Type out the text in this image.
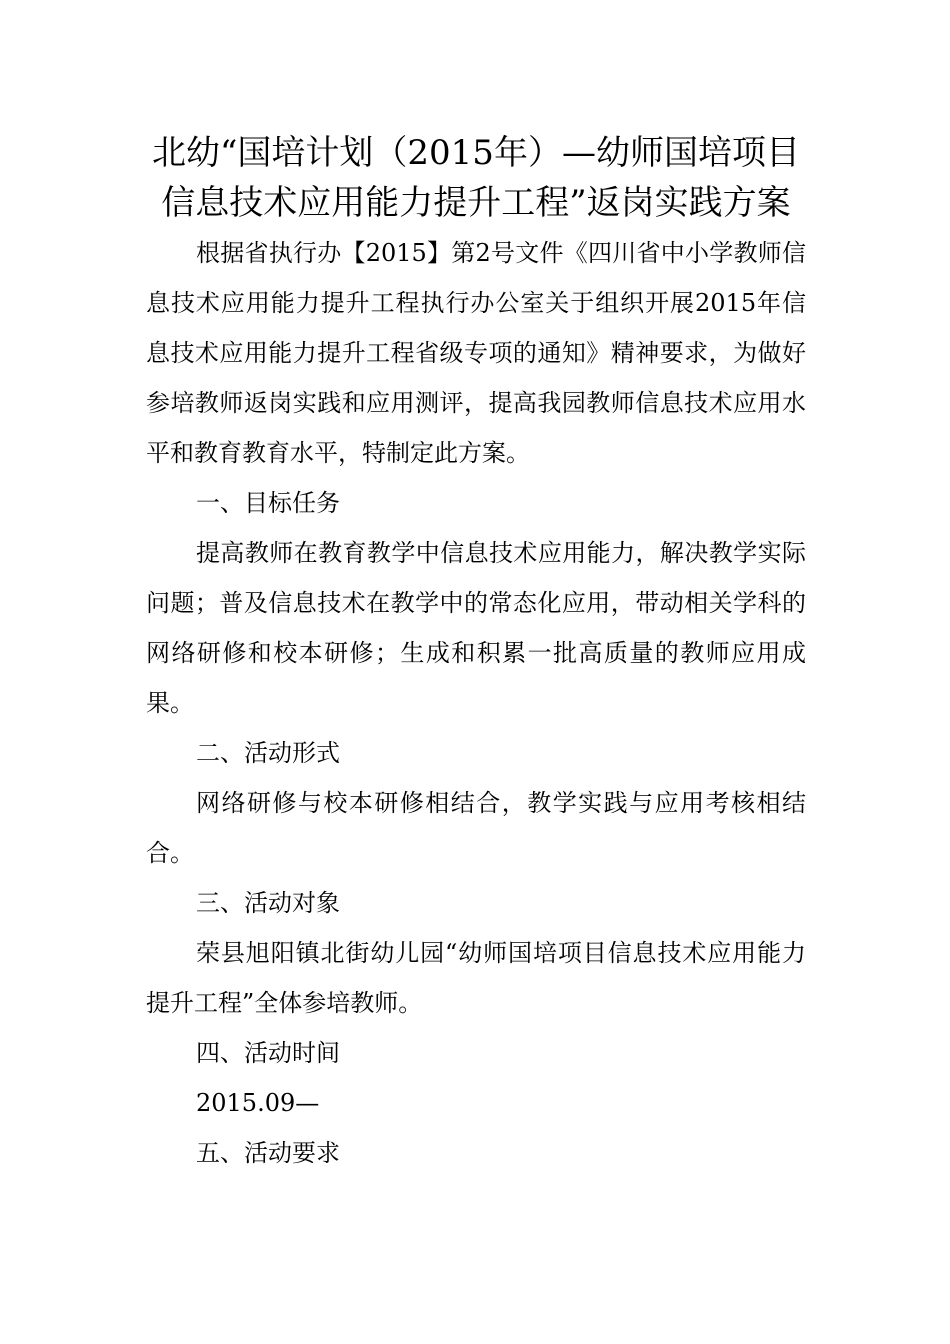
北幼“国培计划（2015年）—幼师国培项目信息技术应用能力提升工程”返岗实践方案

根据省执行办【2015】第2号文件《四川省中小学教师信息技术应用能力提升工程执行办公室关于组织开展2015年信息技术应用能力提升工程省级专项的通知》精神要求，为做好参培教师返岗实践和应用测评，提高我园教师信息技术应用水平和教育教育水平，特制定此方案。

一、目标任务

提高教师在教育教学中信息技术应用能力，解决教学实际问题；普及信息技术在教学中的常态化应用，带动相关学科的网络研修和校本研修；生成和积累一批高质量的教师应用成果。

二、活动形式

网络研修与校本研修相结合，教学实践与应用考核相结合。

三、活动对象

荣县旭阳镇北街幼儿园“幼师国培项目信息技术应用能力提升工程”全体参培教师。

四、活动时间

2015.09—

五、活动要求
